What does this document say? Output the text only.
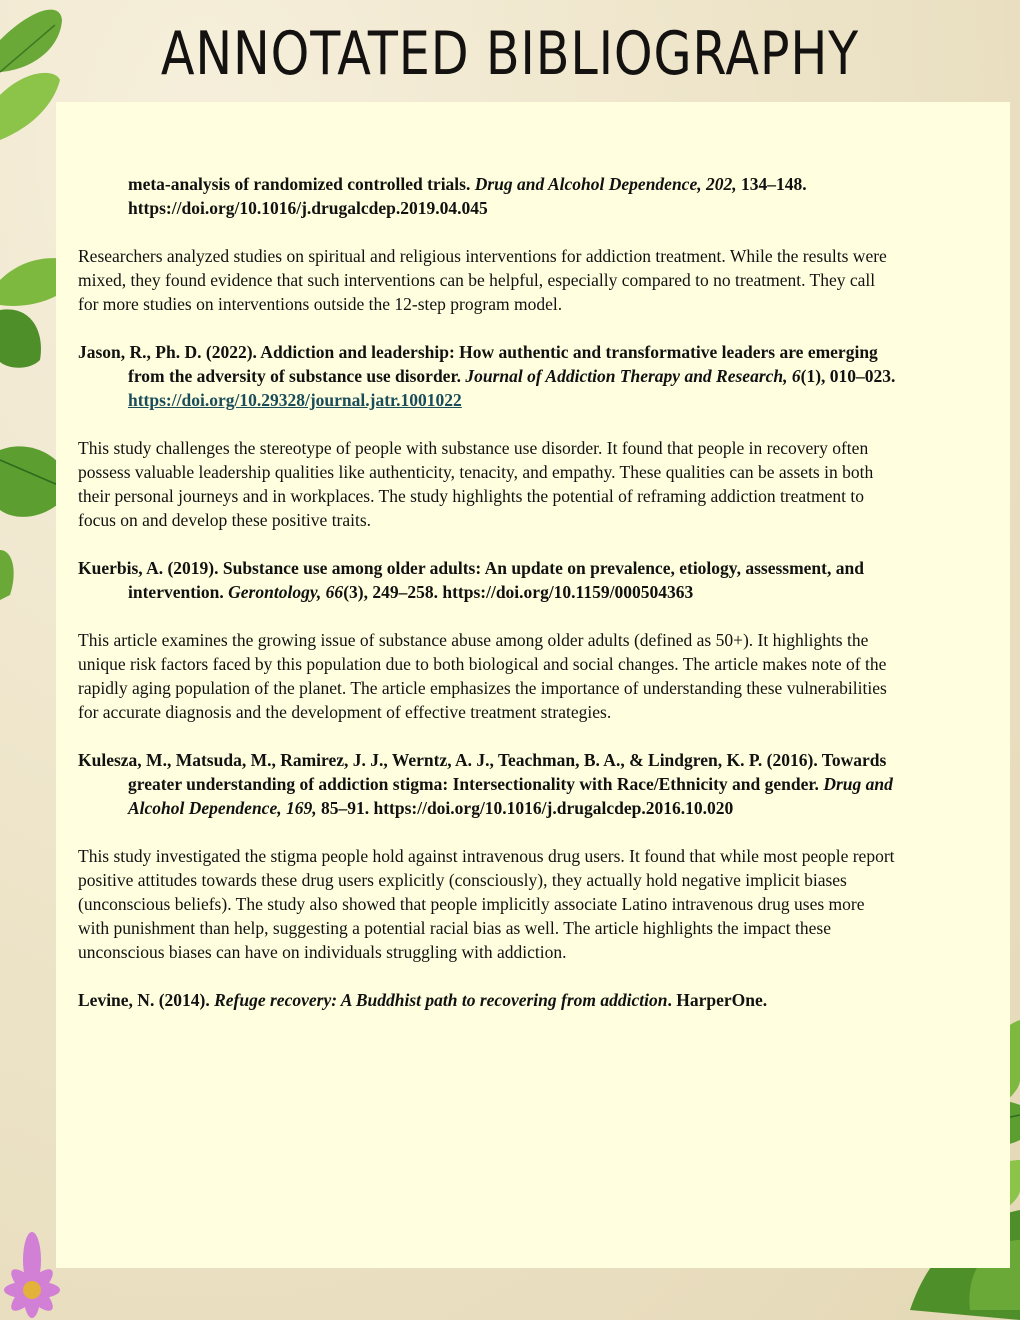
ANNOTATED BIBLIOGRAPHY

meta-analysis of randomized controlled trials. Drug and Alcohol Dependence, 202, 134–148. https://doi.org/10.1016/j.drugalcdep.2019.04.045

Researchers analyzed studies on spiritual and religious interventions for addiction treatment. While the results were mixed, they found evidence that such interventions can be helpful, especially compared to no treatment. They call for more studies on interventions outside the 12-step program model.

Jason, R., Ph. D. (2022). Addiction and leadership: How authentic and transformative leaders are emerging from the adversity of substance use disorder. Journal of Addiction Therapy and Research, 6(1), 010–023.
https://doi.org/10.29328/journal.jatr.1001022

This study challenges the stereotype of people with substance use disorder. It found that people in recovery often possess valuable leadership qualities like authenticity, tenacity, and empathy. These qualities can be assets in both their personal journeys and in workplaces. The study highlights the potential of reframing addiction treatment to focus on and develop these positive traits.

Kuerbis, A. (2019). Substance use among older adults: An update on prevalence, etiology, assessment, and intervention. Gerontology, 66(3), 249–258. https://doi.org/10.1159/000504363

This article examines the growing issue of substance abuse among older adults (defined as 50+). It highlights the unique risk factors faced by this population due to both biological and social changes. The article makes note of the rapidly aging population of the planet. The article emphasizes the importance of understanding these vulnerabilities for accurate diagnosis and the development of effective treatment strategies.

Kulesza, M., Matsuda, M., Ramirez, J. J., Werntz, A. J., Teachman, B. A., & Lindgren, K. P. (2016). Towards greater understanding of addiction stigma: Intersectionality with Race/Ethnicity and gender. Drug and Alcohol Dependence, 169, 85–91. https://doi.org/10.1016/j.drugalcdep.2016.10.020

This study investigated the stigma people hold against intravenous drug users. It found that while most people report positive attitudes towards these drug users explicitly (consciously), they actually hold negative implicit biases (unconscious beliefs). The study also showed that people implicitly associate Latino intravenous drug uses more with punishment than help, suggesting a potential racial bias as well. The article highlights the impact these unconscious biases can have on individuals struggling with addiction.

Levine, N. (2014). Refuge recovery: A Buddhist path to recovering from addiction. HarperOne.
